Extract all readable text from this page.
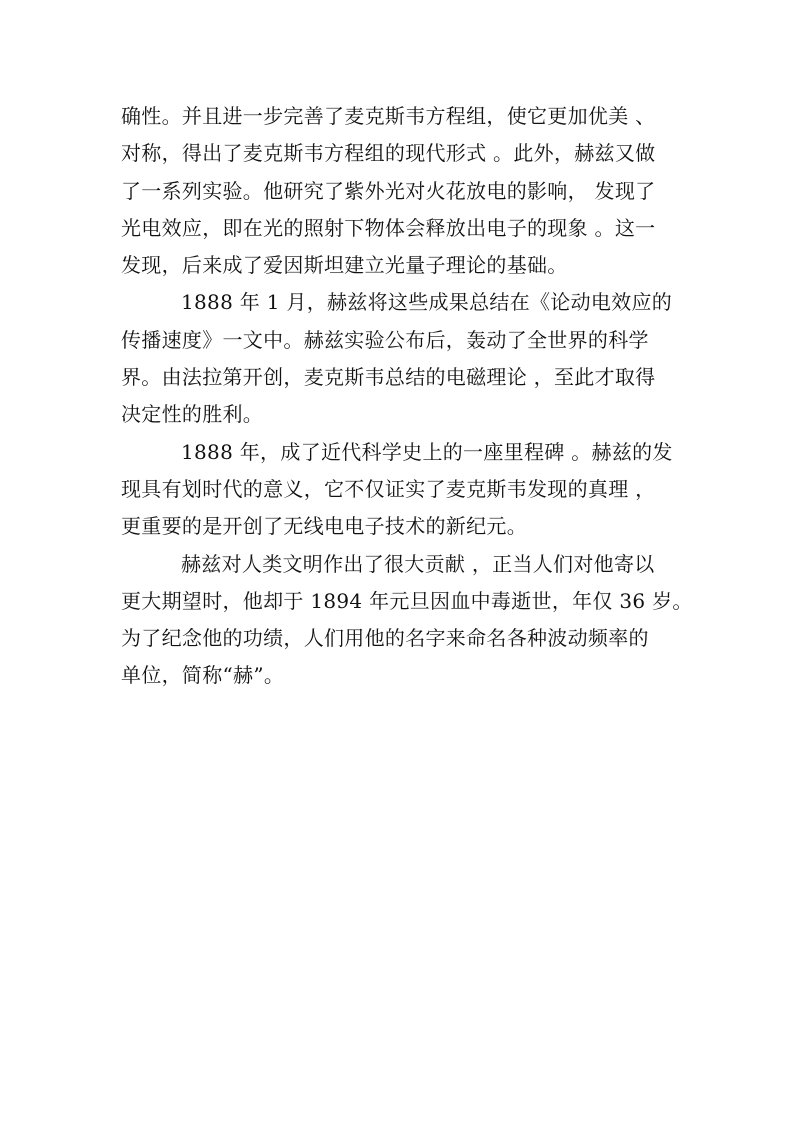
确性。并且进一步完善了麦克斯韦方程组，使它更加优美 、
对称，得出了麦克斯韦方程组的现代形式 。此外，赫兹又做
了一系列实验。他研究了紫外光对火花放电的影响， 发现了
光电效应，即在光的照射下物体会释放出电子的现象 。这一
发现，后来成了爱因斯坦建立光量子理论的基础。
1888 年 1 月，赫兹将这些成果总结在《论动电效应的
传播速度》一文中。赫兹实验公布后，轰动了全世界的科学
界。由法拉第开创，麦克斯韦总结的电磁理论 ，至此才取得
决定性的胜利。
1888 年，成了近代科学史上的一座里程碑 。赫兹的发
现具有划时代的意义，它不仅证实了麦克斯韦发现的真理 ，
更重要的是开创了无线电电子技术的新纪元。
赫兹对人类文明作出了很大贡献 ，正当人们对他寄以
更大期望时，他却于 1894 年元旦因血中毒逝世，年仅 36 岁。
为了纪念他的功绩，人们用他的名字来命名各种波动频率的
单位，简称“赫”。
